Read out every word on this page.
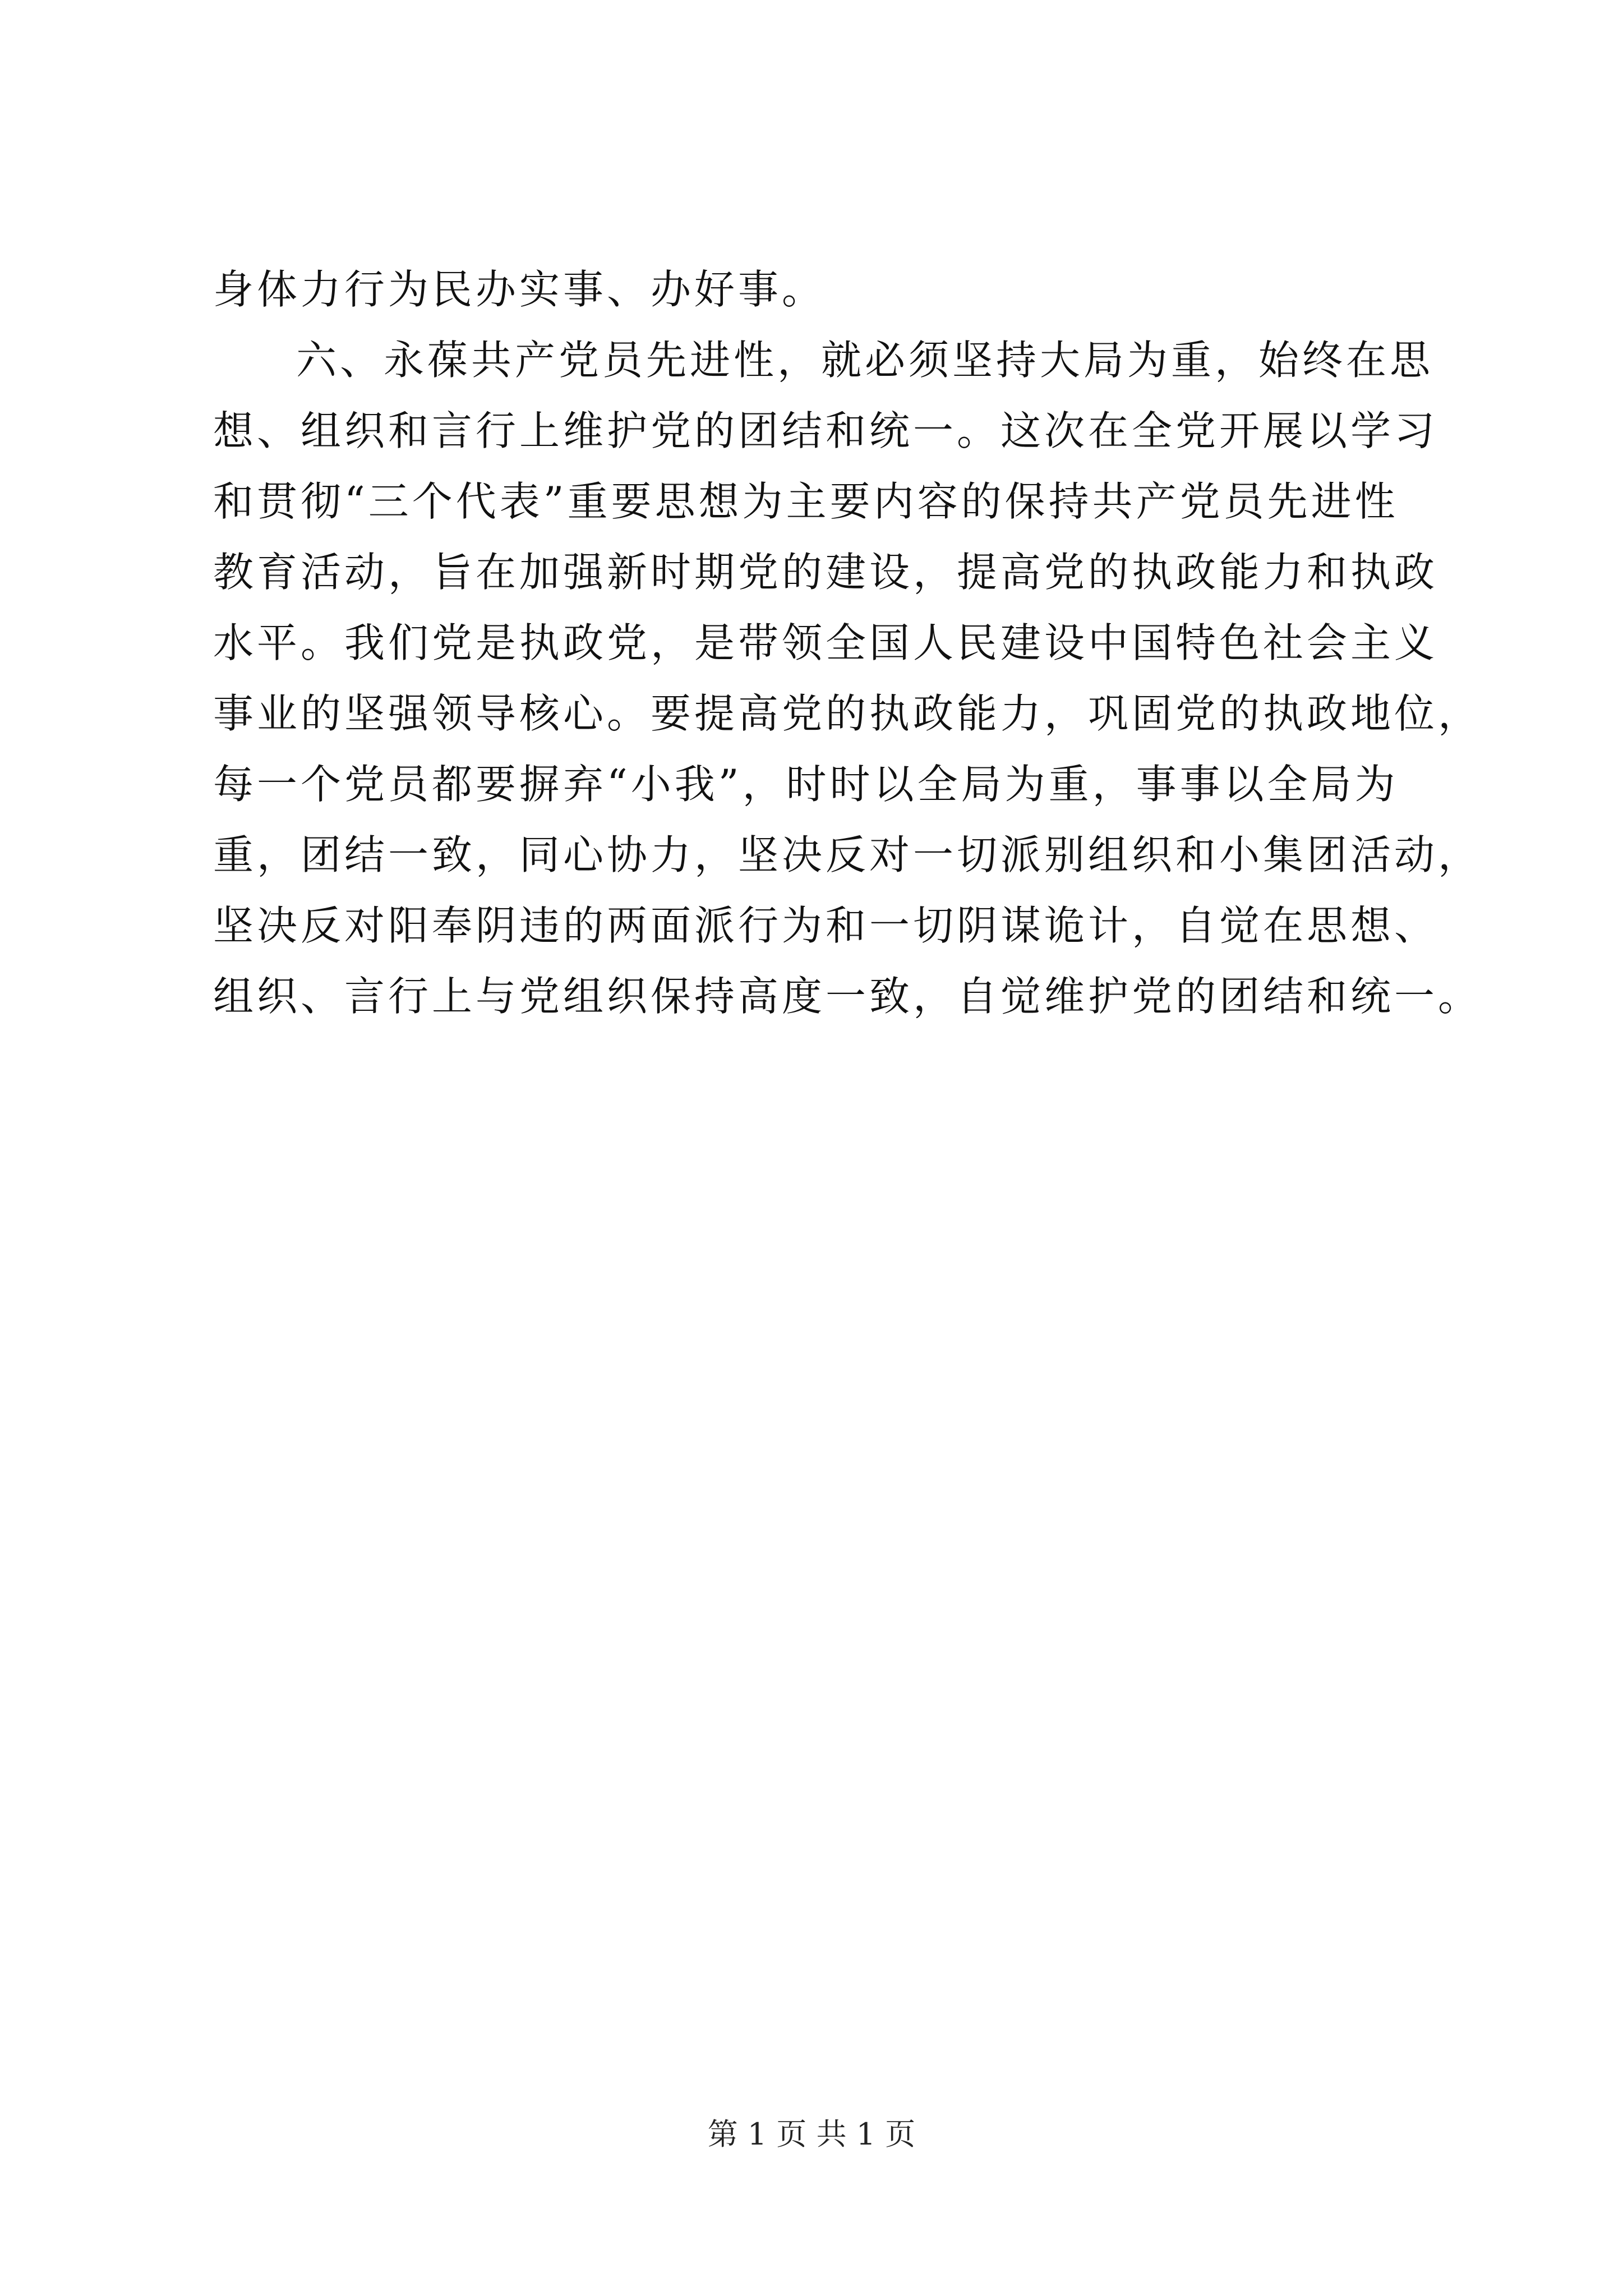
身体力行为民办实事、办好事。
六、永葆共产党员先进性，就必须坚持大局为重，始终在思
想、组织和言行上维护党的团结和统一。这次在全党开展以学习
和贯彻“三个代表”重要思想为主要内容的保持共产党员先进性
教育活动，旨在加强新时期党的建设，提高党的执政能力和执政
水平。我们党是执政党，是带领全国人民建设中国特色社会主义
事业的坚强领导核心。要提高党的执政能力，巩固党的执政地位，
每一个党员都要摒弃“小我”，时时以全局为重，事事以全局为
重，团结一致，同心协力，坚决反对一切派别组织和小集团活动，
坚决反对阳奉阴违的两面派行为和一切阴谋诡计，自觉在思想、
组织、言行上与党组织保持高度一致，自觉维护党的团结和统一。
第 1 页 共 1 页
